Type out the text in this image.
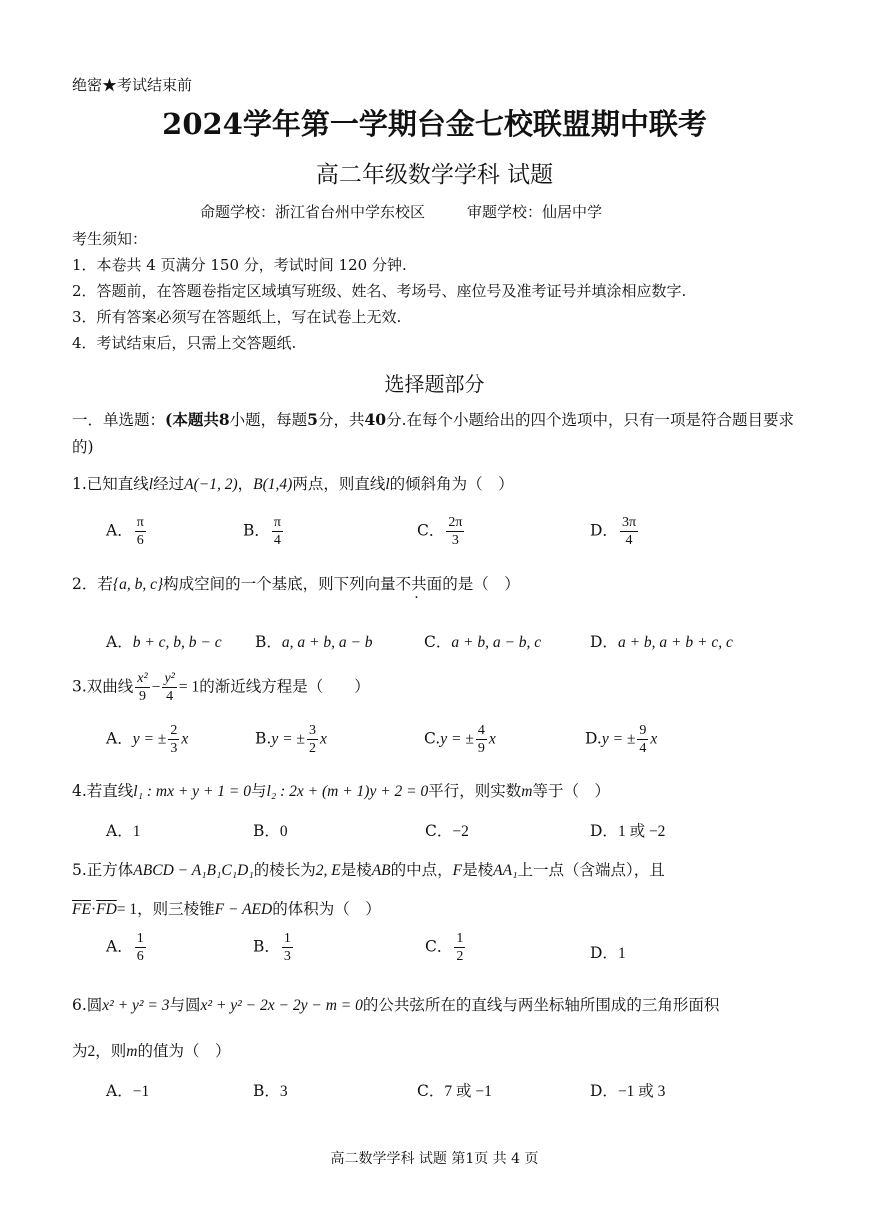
绝密★考试结束前
2024学年第一学期台金七校联盟期中联考
高二年级数学学科 试题
命题学校：浙江省台州中学东校区	审题学校：仙居中学
考生须知：
1．本卷共 4 页满分 150 分，考试时间 120 分钟.
2．答题前，在答题卷指定区域填写班级、姓名、考场号、座位号及准考证号并填涂相应数字.
3．所有答案必须写在答题纸上，写在试卷上无效.
4．考试结束后，只需上交答题纸.
选择题部分
一．单选题：(本题共8小题，每题5分，共40分.在每个小题给出的四个选项中，只有一项是符合题目要求的)
1.已知直线l经过A(−1, 2)，B(1,4)两点，则直线l的倾斜角为（　）
A． $\frac{\pi}{6}$	B． $\frac{\pi}{4}$	C． $\frac{2\pi}{3}$	D． $\frac{3\pi}{4}$
2．若{a, b, c}构成空间的一个基底，则下列向量不共面的是（　）
A．b + c, b, b − c B．a, a + b, a − b	C．a + b, a − b, c	D．a + b, a + b + c, c
3.双曲线 $\frac{\text{x²}}{9} - \frac{\text{y²}}{4} = 1$的渐近线方程是（　　）
A．y = ± $\frac{2}{3}$ x	B.y = ± $\frac{3}{2}$ x	C.y = ± $\frac{4}{9}$ x	D.y = ± $\frac{9}{4}$ x
4.若直线l₁ : mx + y + 1 = 0与l₂ : 2x + (m + 1)y + 2 = 0平行，则实数m等于（　）
A．1	B．0	C．−2	D．1 或 −2
5.正方体ABCD − A₁B₁C₁D₁的棱长为2, E是棱AB的中点，F是棱AA₁上一点（含端点），且
$\overline{FE}\cdot\overline{FD}= 1$，则三棱锥F − AED的体积为（　）
A． $\frac{1}{6}$	B． $\frac{1}{3}$	C． $\frac{1}{2}$	D．1
6.圆x² + y² = 3与圆x² + y² − 2x − 2y − m = 0的公共弦所在的直线与两坐标轴所围成的三角形面积
为2，则m的值为（　）
A．−1	B．3	C．7 或 −1	D．−1 或 3
高二数学学科 试题 第1页 共 4 页
